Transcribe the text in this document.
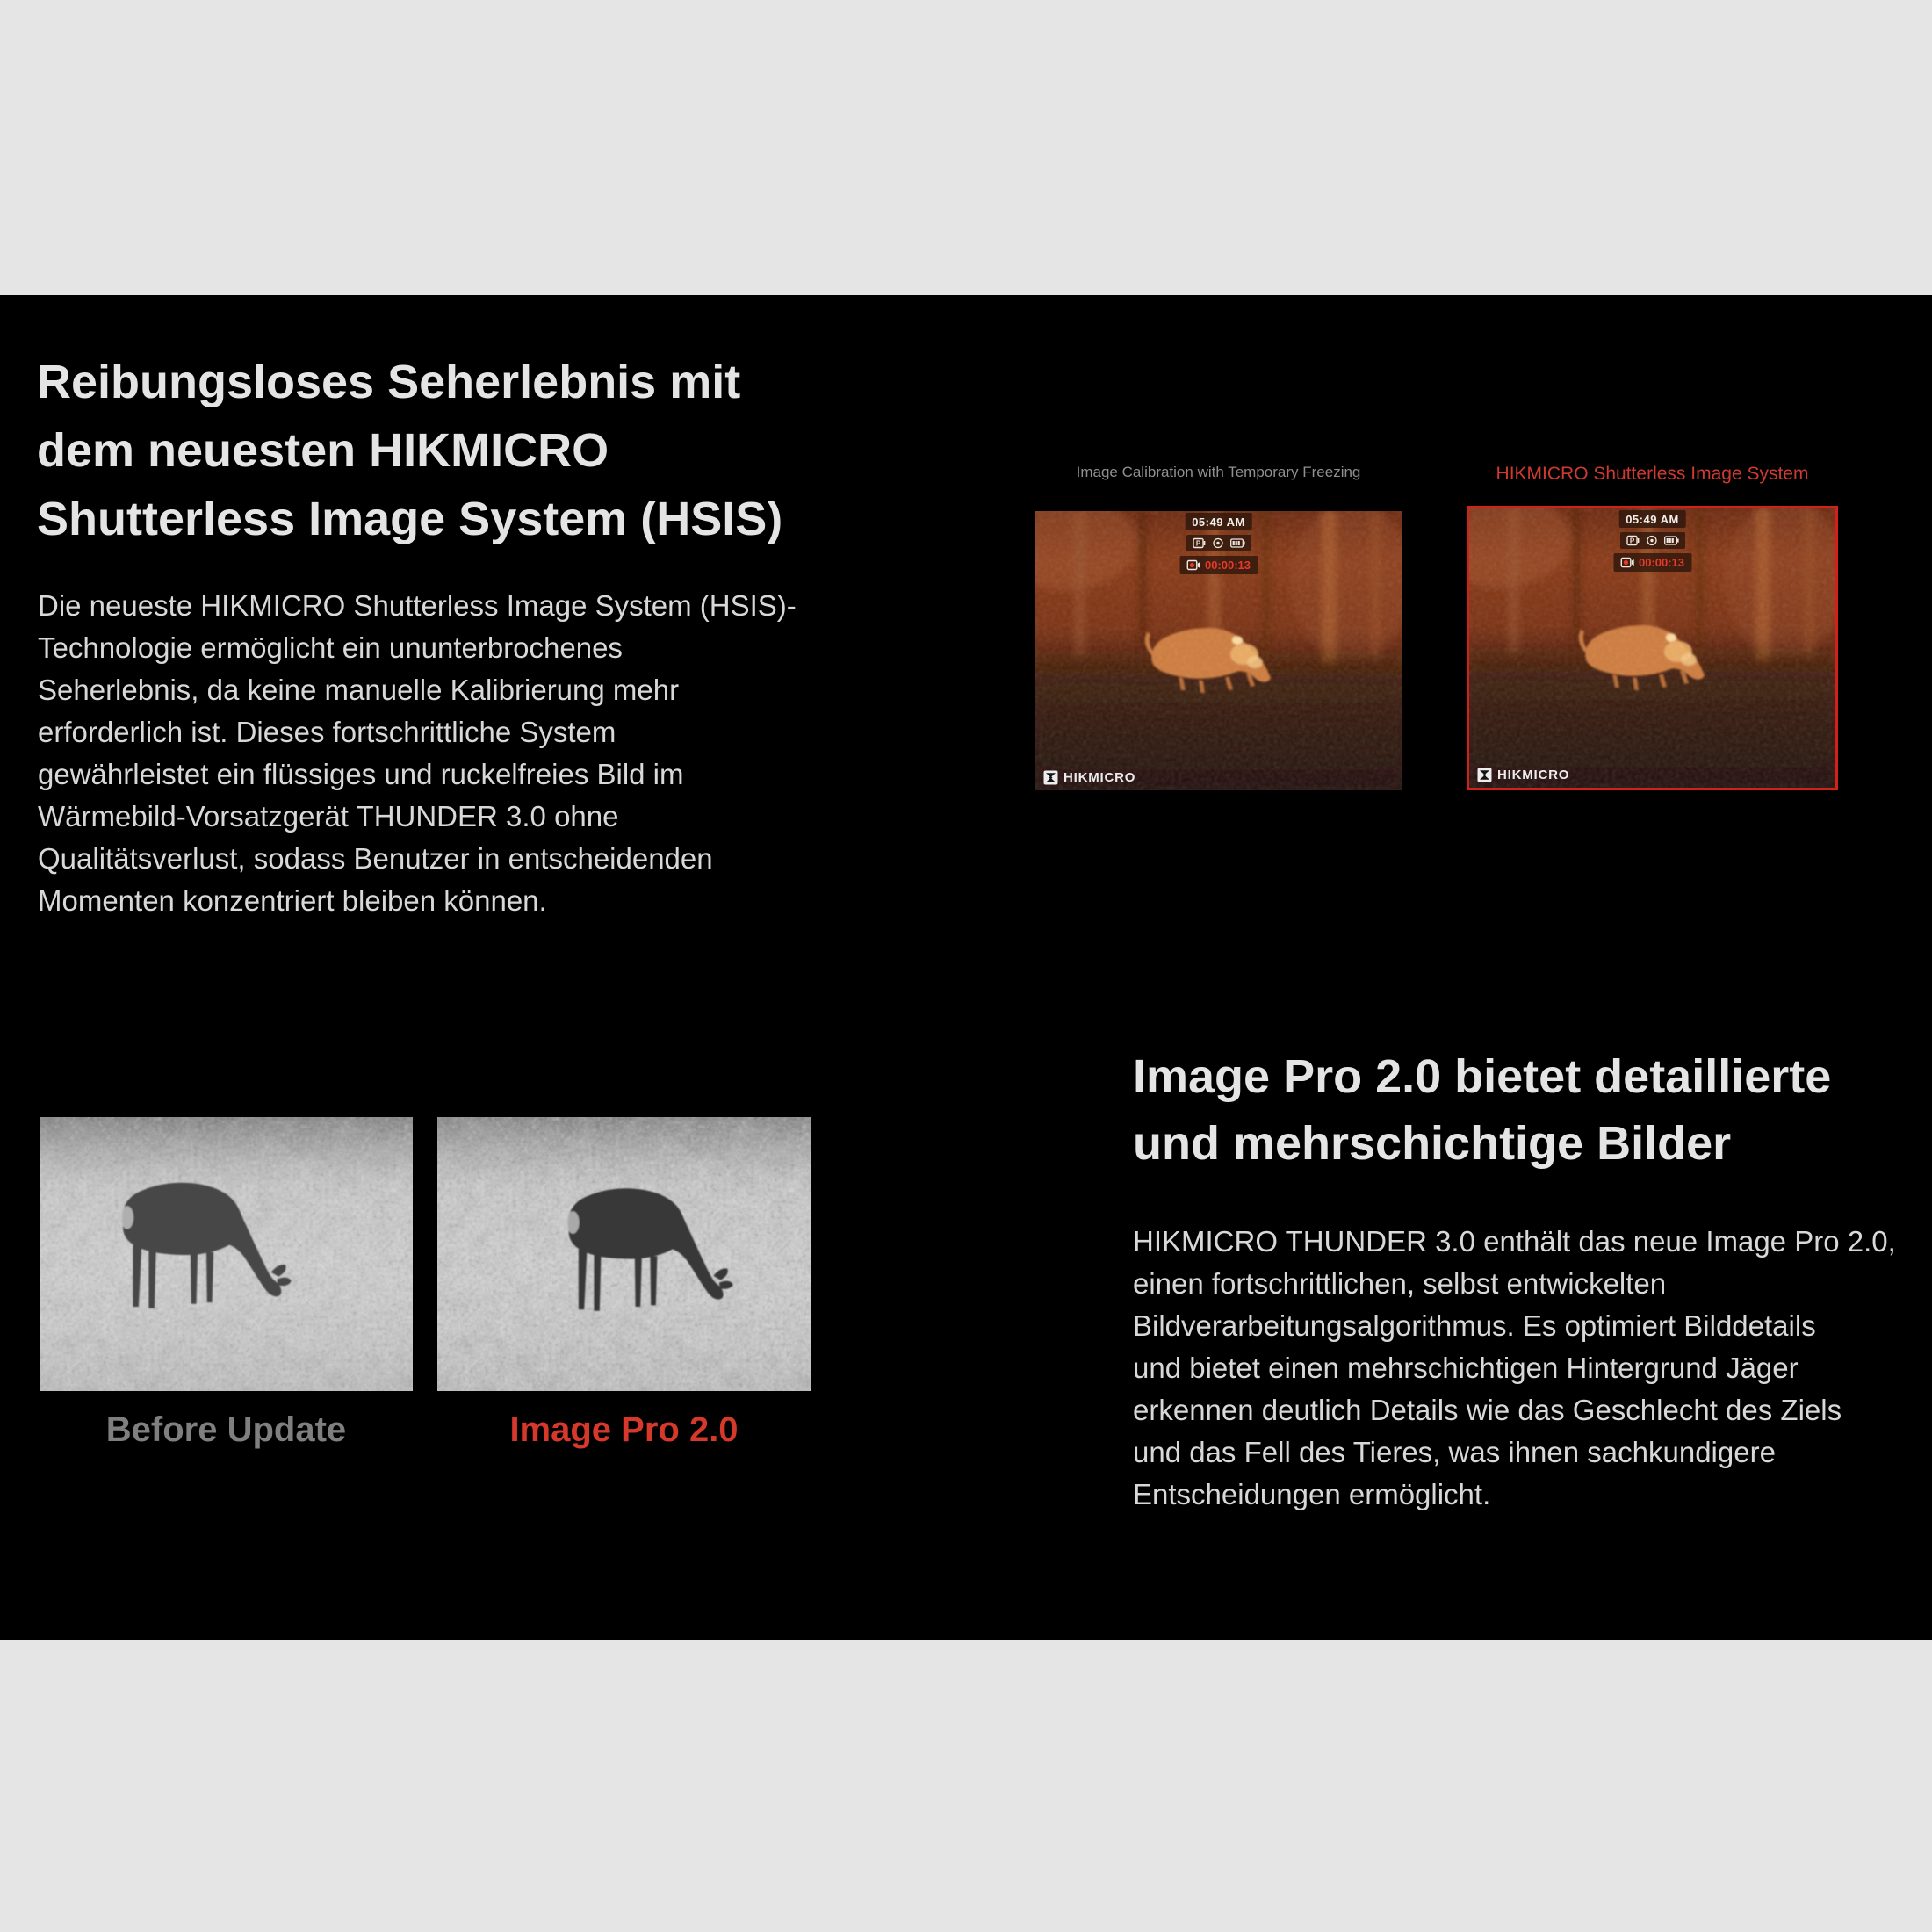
Reibungsloses Seherlebnis mit
dem neuesten HIKMICRO
Shutterless Image System (HSIS)
Die neueste HIKMICRO Shutterless Image System (HSIS)-
Technologie ermöglicht ein ununterbrochenes
Seherlebnis, da keine manuelle Kalibrierung mehr
erforderlich ist. Dieses fortschrittliche System
gewährleistet ein flüssiges und ruckelfreies Bild im
Wärmebild-Vorsatzgerät THUNDER 3.0 ohne
Qualitätsverlust, sodass Benutzer in entscheidenden
Momenten konzentriert bleiben können.
Image Calibration with Temporary Freezing	HIKMICRO Shutterless Image System
05:49 AM
P
00:00:13
HIKMICRO
05:49 AM
P
00:00:13
HIKMICRO
Before Update	Image Pro 2.0
Image Pro 2.0 bietet detaillierte
und mehrschichtige Bilder
HIKMICRO THUNDER 3.0 enthält das neue Image Pro 2.0,
einen fortschrittlichen, selbst entwickelten
Bildverarbeitungsalgorithmus. Es optimiert Bilddetails
und bietet einen mehrschichtigen Hintergrund Jäger
erkennen deutlich Details wie das Geschlecht des Ziels
und das Fell des Tieres, was ihnen sachkundigere
Entscheidungen ermöglicht.
